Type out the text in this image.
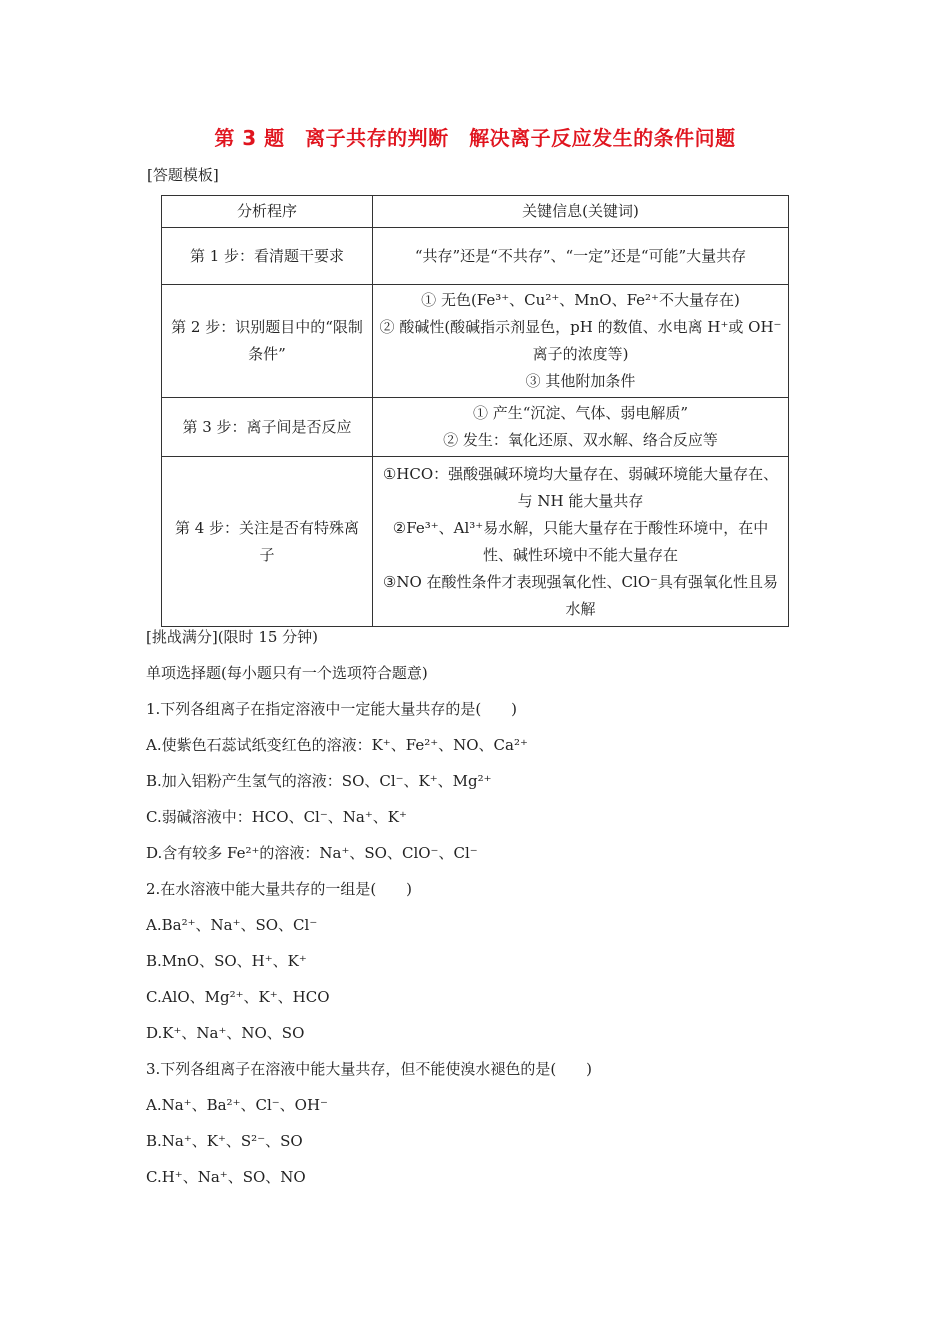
第 3 题　离子共存的判断　解决离子反应发生的条件问题
[答题模板]
分析程序	关键信息(关键词)
第 1 步：看清题干要求	“共存”还是“不共存”、“一定”还是“可能”大量共存

第 2 步：识别题目中的“限制条件”	① 无色(Fe³⁺、Cu²⁺、MnO、Fe²⁺不大量存在)
② 酸碱性(酸碱指示剂显色，pH 的数值、水电离 H⁺或 OH⁻离子的浓度等)
③ 其他附加条件

第 3 步：离子间是否反应	① 产生“沉淀、气体、弱电解质”
② 发生：氧化还原、双水解、络合反应等

第 4 步：关注是否有特殊离子	①HCO：强酸强碱环境均大量存在、弱碱环境能大量存在、与 NH 能大量共存
②Fe³⁺、Al³⁺易水解，只能大量存在于酸性环境中，在中性、碱性环境中不能大量存在
③NO 在酸性条件才表现强氧化性、ClO⁻具有强氧化性且易水解
[挑战满分](限时 15 分钟)
单项选择题(每小题只有一个选项符合题意)
1.下列各组离子在指定溶液中一定能大量共存的是(　　)
A.使紫色石蕊试纸变红色的溶液：K⁺、Fe²⁺、NO、Ca²⁺
B.加入铝粉产生氢气的溶液：SO、Cl⁻、K⁺、Mg²⁺
C.弱碱溶液中：HCO、Cl⁻、Na⁺、K⁺
D.含有较多 Fe²⁺的溶液：Na⁺、SO、ClO⁻、Cl⁻
2.在水溶液中能大量共存的一组是(　　)
A.Ba²⁺、Na⁺、SO、Cl⁻
B.MnO、SO、H⁺、K⁺
C.AlO、Mg²⁺、K⁺、HCO
D.K⁺、Na⁺、NO、SO
3.下列各组离子在溶液中能大量共存，但不能使溴水褪色的是(　　)
A.Na⁺、Ba²⁺、Cl⁻、OH⁻
B.Na⁺、K⁺、S²⁻、SO
C.H⁺、Na⁺、SO、NO
